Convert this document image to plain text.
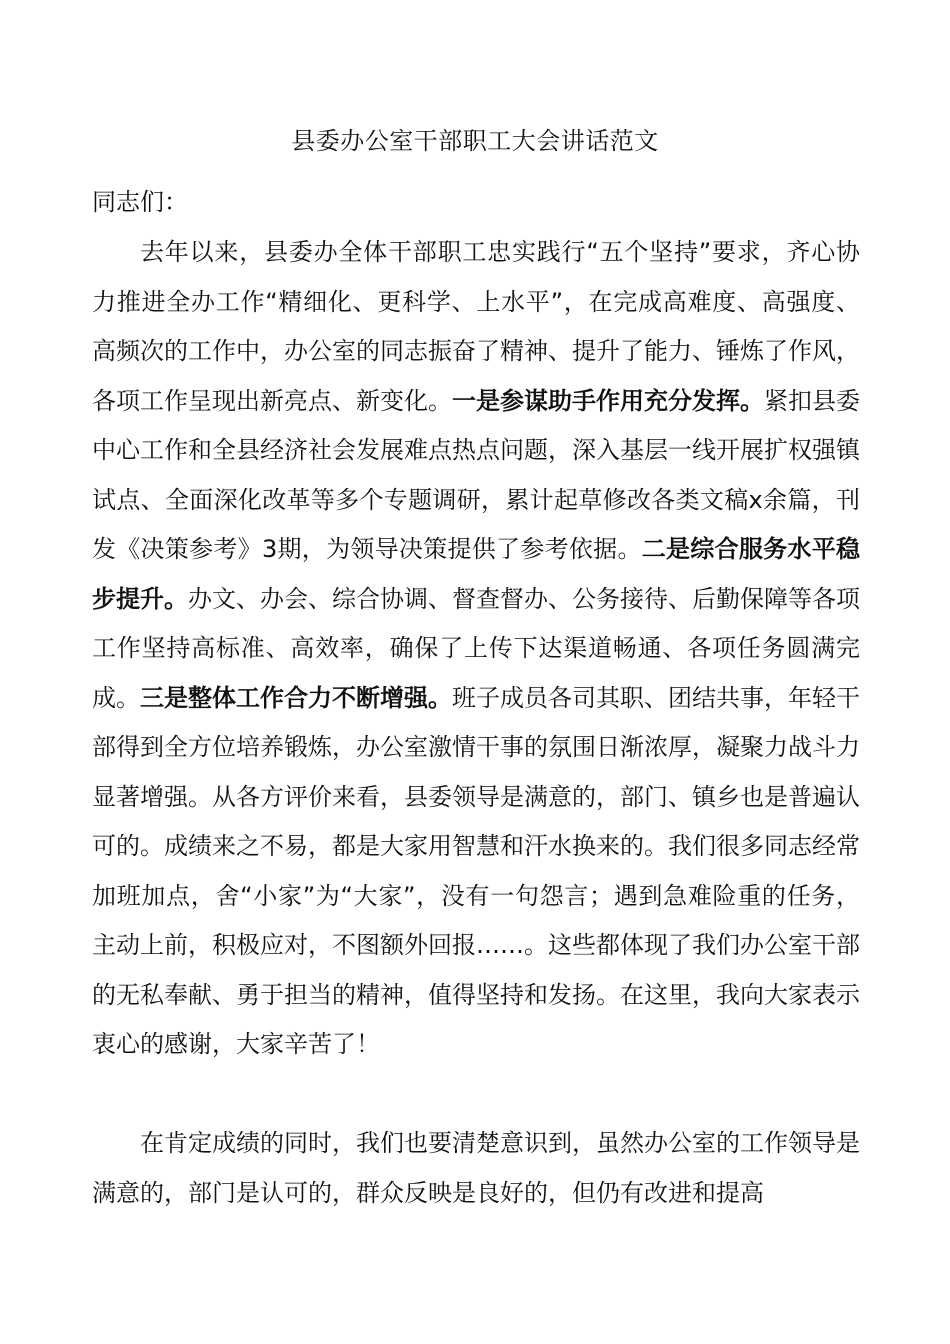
县委办公室干部职工大会讲话范文
同志们：

去年以来，县委办全体干部职工忠实践行“五个坚持”要求，齐心协力推进全办工作“精细化、更科学、上水平”，在完成高难度、高强度、高频次的工作中，办公室的同志振奋了精神、提升了能力、锤炼了作风，各项工作呈现出新亮点、新变化。一是参谋助手作用充分发挥。紧扣县委中心工作和全县经济社会发展难点热点问题，深入基层一线开展扩权强镇试点、全面深化改革等多个专题调研，累计起草修改各类文稿x余篇，刊发《决策参考》3期，为领导决策提供了参考依据。二是综合服务水平稳步提升。办文、办会、综合协调、督查督办、公务接待、后勤保障等各项工作坚持高标准、高效率，确保了上传下达渠道畅通、各项任务圆满完成。三是整体工作合力不断增强。班子成员各司其职、团结共事，年轻干部得到全方位培养锻炼，办公室激情干事的氛围日渐浓厚，凝聚力战斗力显著增强。从各方评价来看，县委领导是满意的，部门、镇乡也是普遍认可的。成绩来之不易，都是大家用智慧和汗水换来的。我们很多同志经常加班加点，舍“小家”为“大家”，没有一句怨言；遇到急难险重的任务，主动上前，积极应对，不图额外回报……。这些都体现了我们办公室干部的无私奉献、勇于担当的精神，值得坚持和发扬。在这里，我向大家表示衷心的感谢，大家辛苦了！

在肯定成绩的同时，我们也要清楚意识到，虽然办公室的工作领导是满意的，部门是认可的，群众反映是良好的，但仍有改进和提高
